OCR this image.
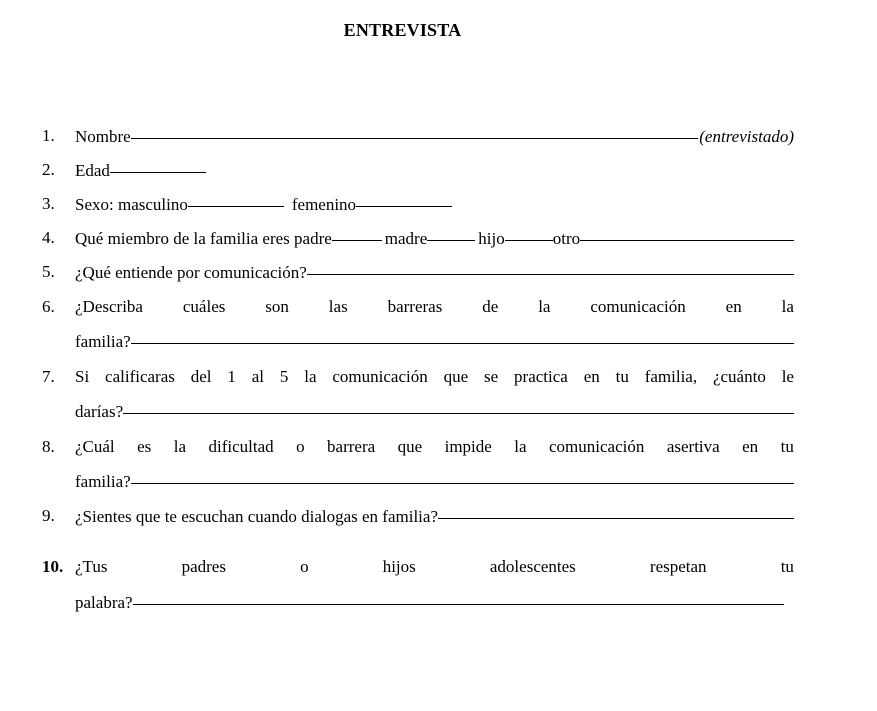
ENTREVISTA
1. Nombre	(entrevistado)
2. Edad
3. Sexo: masculino	femenino
4. Qué miembro de la familia eres padre	madre	hijo	otro
5. ¿Qué entiende por comunicación?
6. ¿Describa cuáles son las barreras de la comunicación en la
familia?
7. Si calificaras del 1 al 5 la comunicación que se practica en tu familia, ¿cuánto le
darías?
8. ¿Cuál es la dificultad o barrera que impide la comunicación asertiva en tu
familia?
9. ¿Sientes que te escuchan cuando dialogas en familia?
10. ¿Tus	padres	o	hijos	adolescentes	respetan	tu
palabra?
